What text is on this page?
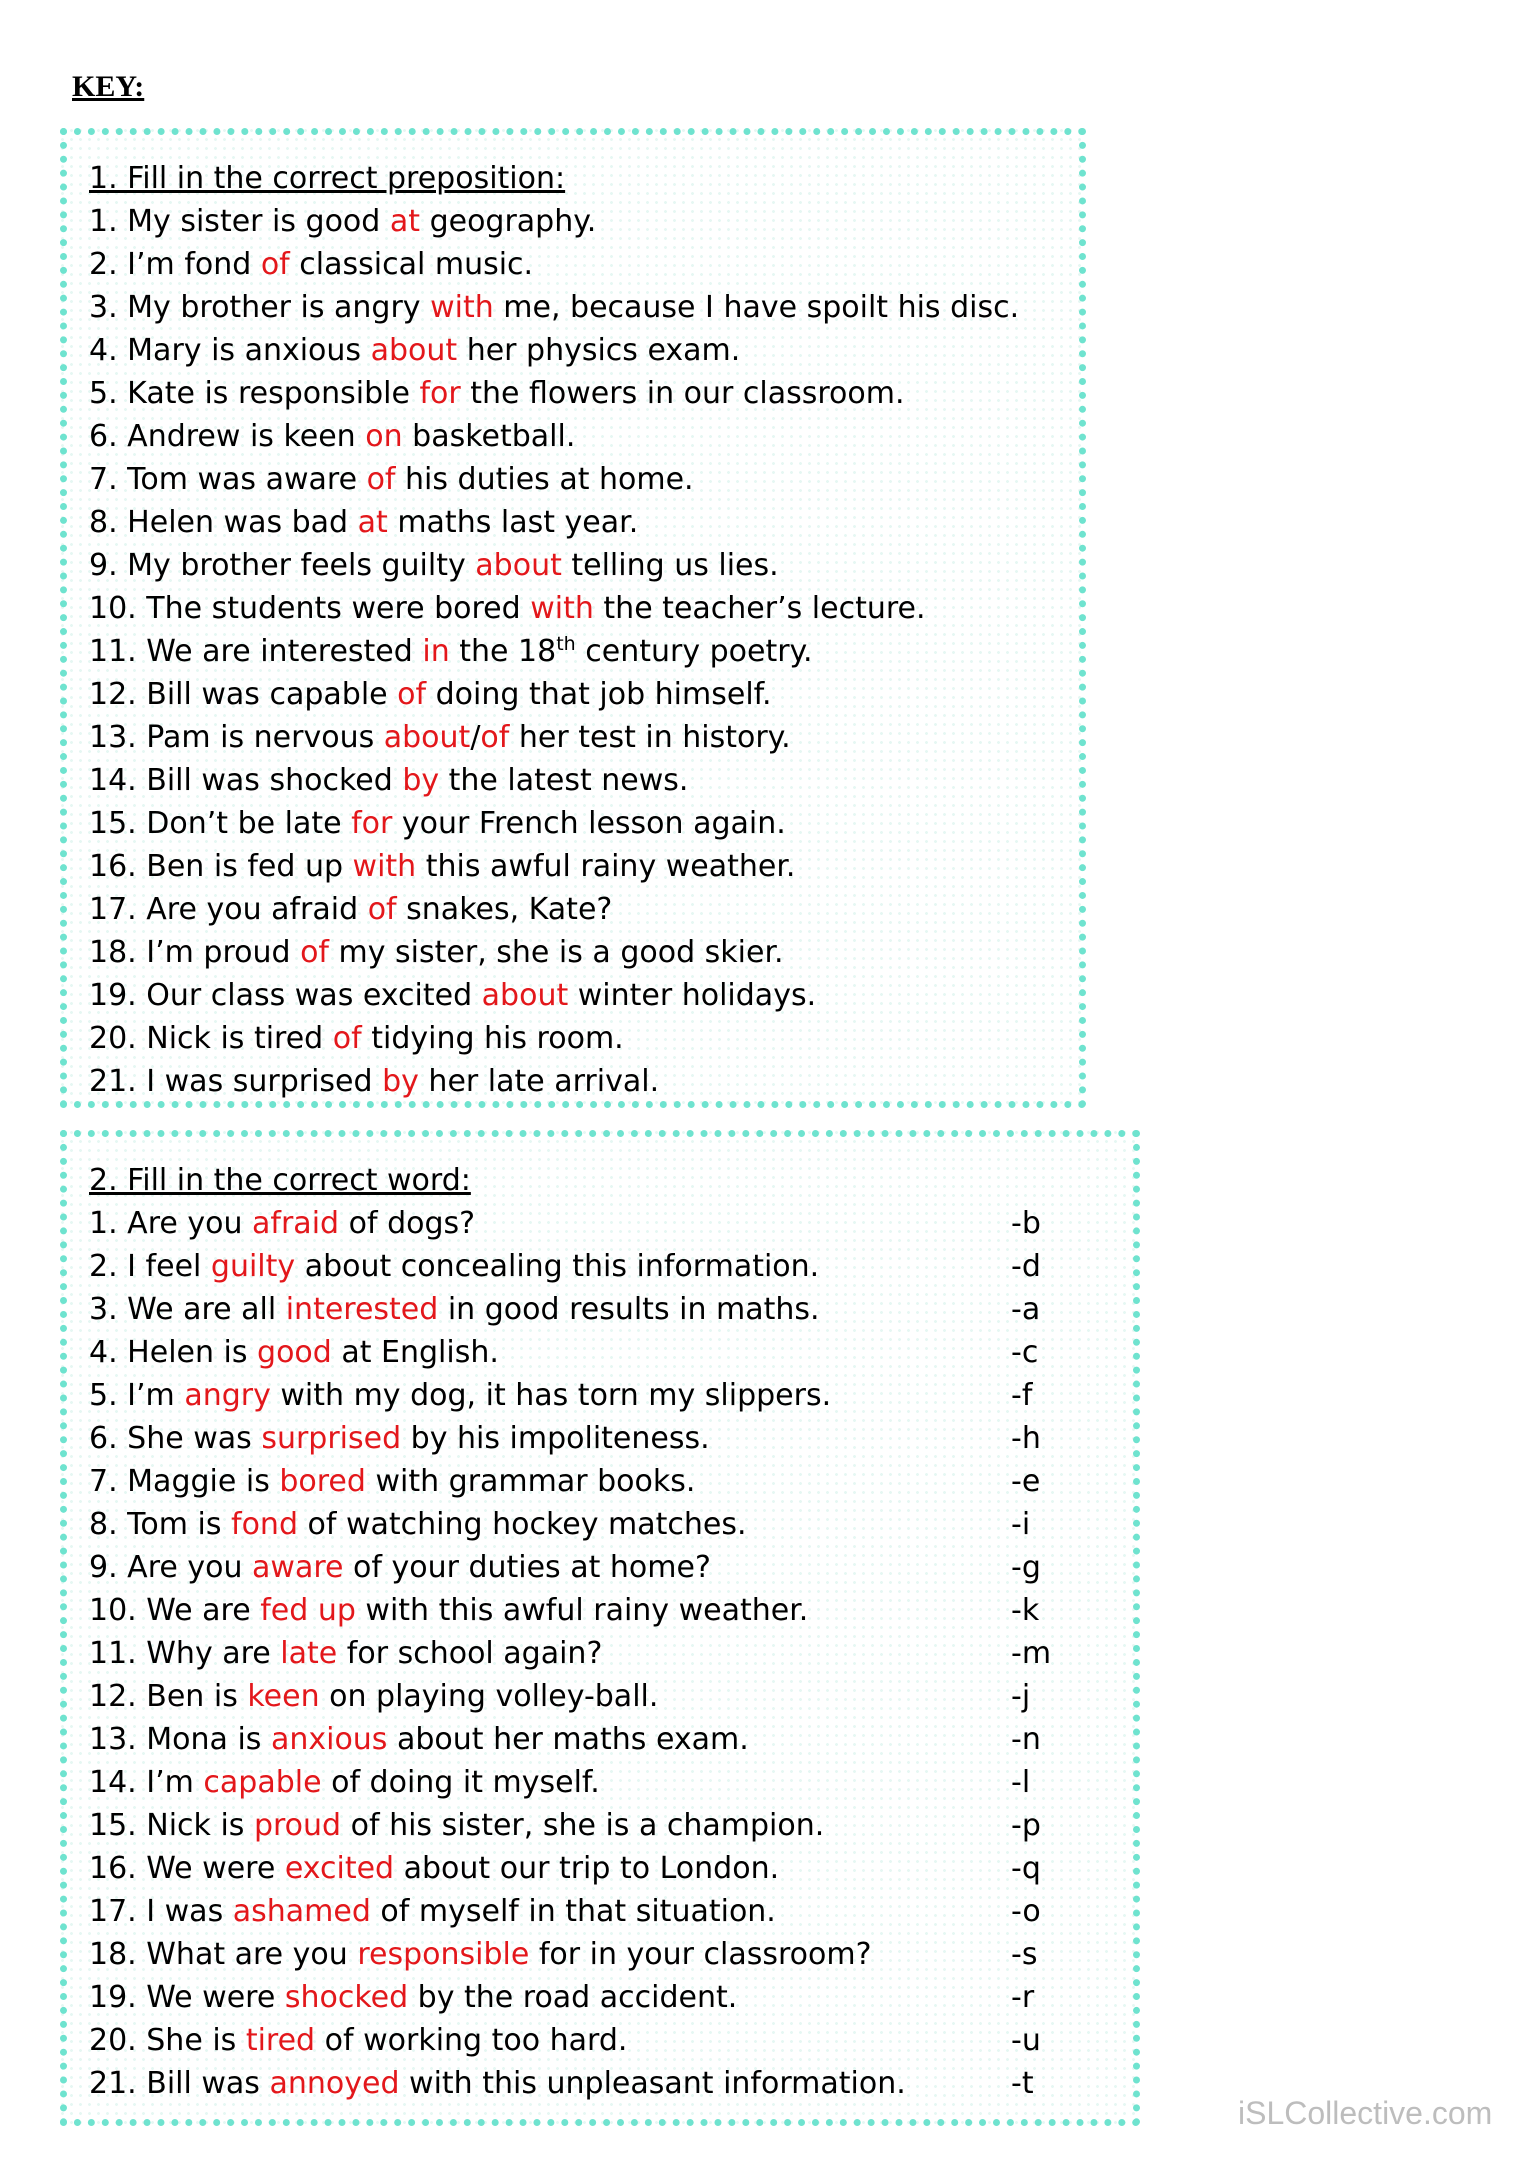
KEY:
1. Fill in the correct preposition:
1. My sister is good at geography.
2. I’m fond of classical music.
3. My brother is angry with me, because I have spoilt his disc.
4. Mary is anxious about her physics exam.
5. Kate is responsible for the flowers in our classroom.
6. Andrew is keen on basketball.
7. Tom was aware of his duties at home.
8. Helen was bad at maths last year.
9. My brother feels guilty about telling us lies.
10. The students were bored with the teacher’s lecture.
11. We are interested in the 18th century poetry.
12. Bill was capable of doing that job himself.
13. Pam is nervous about/of her test in history.
14. Bill was shocked by the latest news.
15. Don’t be late for your French lesson again.
16. Ben is fed up with this awful rainy weather.
17. Are you afraid of snakes, Kate?
18. I’m proud of my sister, she is a good skier.
19. Our class was excited about winter holidays.
20. Nick is tired of tidying his room.
21. I was surprised by her late arrival.
2. Fill in the correct word:
1. Are you afraid of dogs?	-b
2. I feel guilty about concealing this information.	-d
3. We are all interested in good results in maths.	-a
4. Helen is good at English.	-c
5. I’m angry with my dog, it has torn my slippers.	-f
6. She was surprised by his impoliteness.	-h
7. Maggie is bored with grammar books.	-e
8. Tom is fond of watching hockey matches.	-i
9. Are you aware of your duties at home?	-g
10. We are fed up with this awful rainy weather.	-k
11. Why are late for school again?	-m
12. Ben is keen on playing volley-ball.	-j
13. Mona is anxious about her maths exam.	-n
14. I’m capable of doing it myself.	-l
15. Nick is proud of his sister, she is a champion.	-p
16. We were excited about our trip to London.	-q
17. I was ashamed of myself in that situation.	-o
18. What are you responsible for in your classroom?	-s
19. We were shocked by the road accident.	-r
20. She is tired of working too hard.	-u
21. Bill was annoyed with this unpleasant information.	-t
iSLCollective.com
